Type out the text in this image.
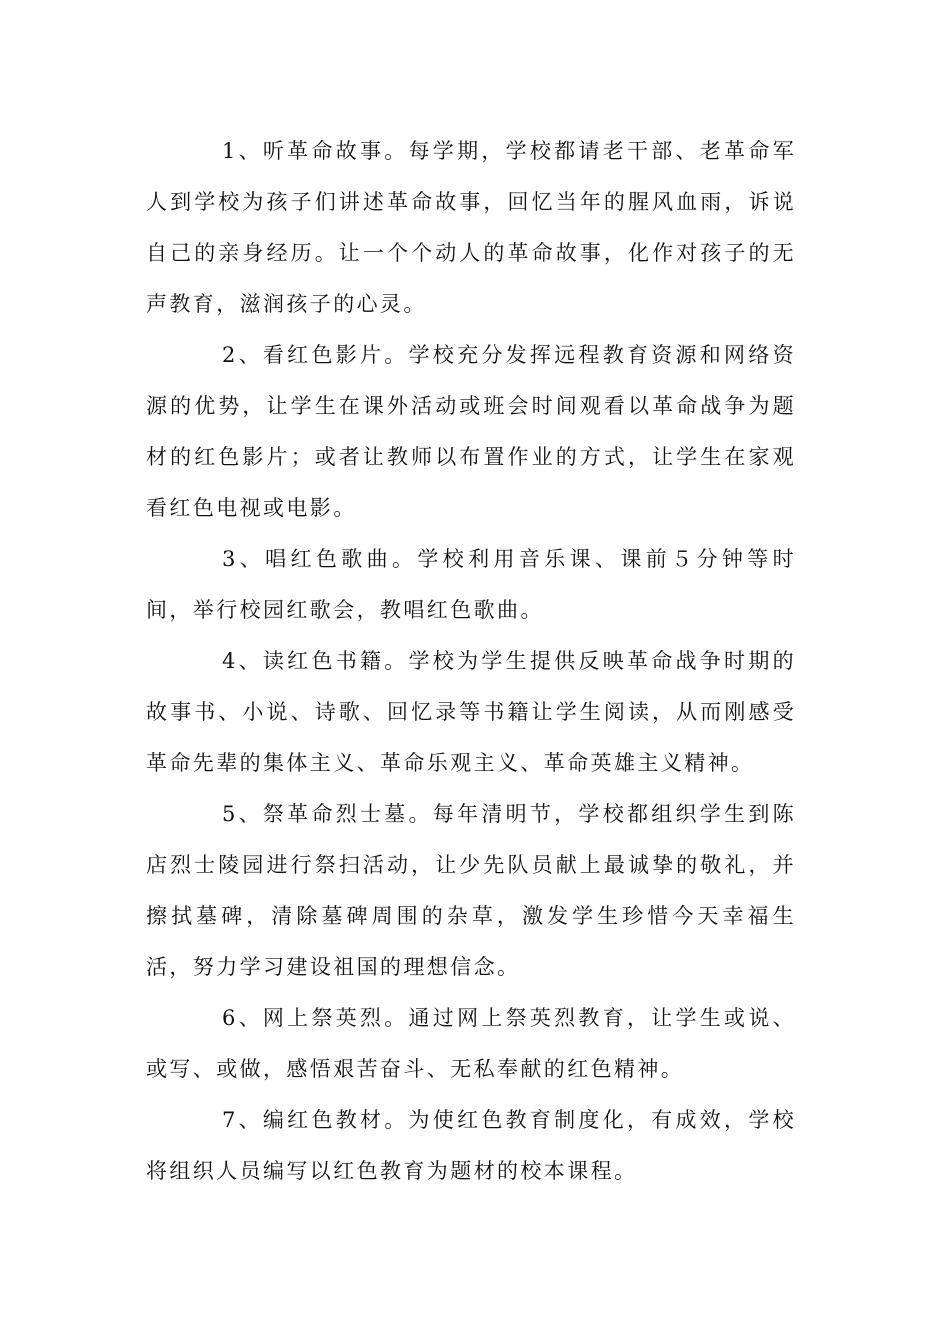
1、听革命故事。每学期，学校都请老干部、老革命军人到学校为孩子们讲述革命故事，回忆当年的腥风血雨，诉说自己的亲身经历。让一个个动人的革命故事，化作对孩子的无声教育，滋润孩子的心灵。

2、看红色影片。学校充分发挥远程教育资源和网络资源的优势，让学生在课外活动或班会时间观看以革命战争为题材的红色影片；或者让教师以布置作业的方式，让学生在家观看红色电视或电影。

3、唱红色歌曲。学校利用音乐课、课前５分钟等时间，举行校园红歌会，教唱红色歌曲。

4、读红色书籍。学校为学生提供反映革命战争时期的故事书、小说、诗歌、回忆录等书籍让学生阅读，从而刚感受革命先辈的集体主义、革命乐观主义、革命英雄主义精神。

5、祭革命烈士墓。每年清明节，学校都组织学生到陈店烈士陵园进行祭扫活动，让少先队员献上最诚挚的敬礼，并擦拭墓碑，清除墓碑周围的杂草，激发学生珍惜今天幸福生活，努力学习建设祖国的理想信念。

6、网上祭英烈。通过网上祭英烈教育，让学生或说、或写、或做，感悟艰苦奋斗、无私奉献的红色精神。

7、编红色教材。为使红色教育制度化，有成效，学校将组织人员编写以红色教育为题材的校本课程。
